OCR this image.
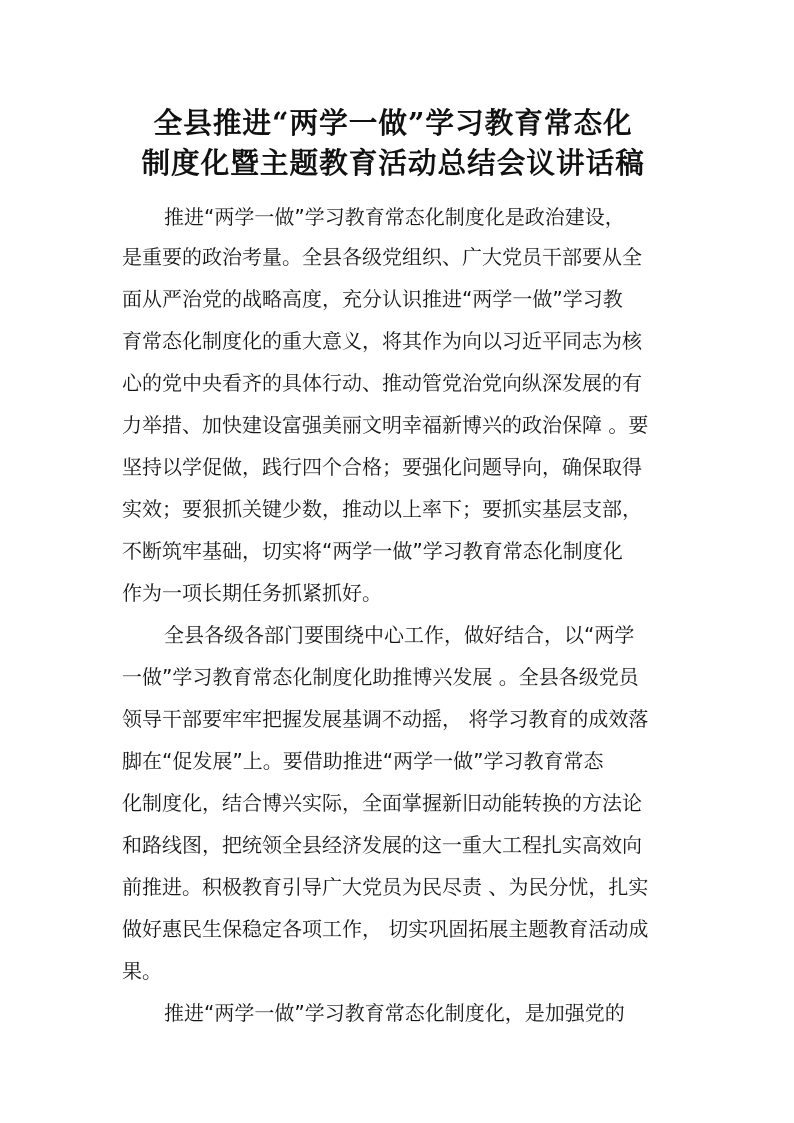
全县推进“两学一做”学习教育常态化
制度化暨主题教育活动总结会议讲话稿

推进“两学一做”学习教育常态化制度化是政治建设，

是重要的政治考量。全县各级党组织、广大党员干部要从全

面从严治党的战略高度，充分认识推进“两学一做”学习教

育常态化制度化的重大意义，将其作为向以习近平同志为核

心的党中央看齐的具体行动、推动管党治党向纵深发展的有

力举措、加快建设富强美丽文明幸福新博兴的政治保障 。要

坚持以学促做，践行四个合格；要强化问题导向，确保取得

实效；要狠抓关键少数，推动以上率下；要抓实基层支部，

不断筑牢基础，切实将“两学一做”学习教育常态化制度化

作为一项长期任务抓紧抓好。

全县各级各部门要围绕中心工作，做好结合，以“两学

一做”学习教育常态化制度化助推博兴发展 。全县各级党员

领导干部要牢牢把握发展基调不动摇， 将学习教育的成效落

脚在“促发展”上。要借助推进“两学一做”学习教育常态

化制度化，结合博兴实际，全面掌握新旧动能转换的方法论

和路线图，把统领全县经济发展的这一重大工程扎实高效向

前推进。积极教育引导广大党员为民尽责 、为民分忧，扎实

做好惠民生保稳定各项工作， 切实巩固拓展主题教育活动成

果。

推进“两学一做”学习教育常态化制度化，是加强党的
